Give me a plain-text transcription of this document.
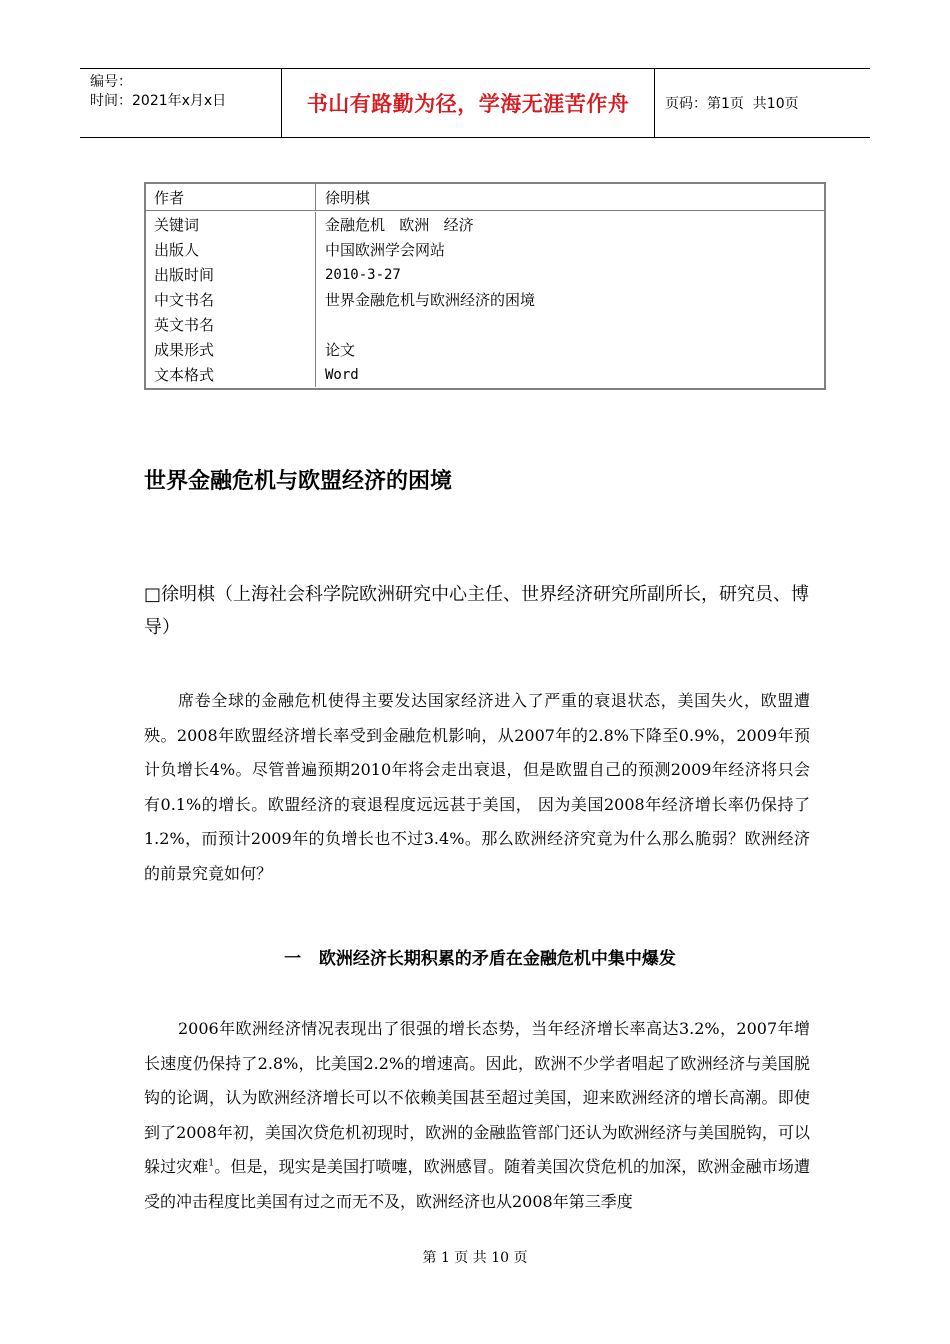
编号：
时间：2021年x月x日	书山有路勤为径，学海无涯苦作舟	页码：第1页  共10页
作者	徐明棋
关键词	金融危机   欧洲   经济
出版人	中国欧洲学会网站
出版时间	2010-3-27
中文书名	世界金融危机与欧洲经济的困境
英文书名
成果形式	论文
文本格式	Word
世界金融危机与欧盟经济的困境

□徐明棋（上海社会科学院欧洲研究中心主任、世界经济研究所副所长，研究员、博导）

席卷全球的金融危机使得主要发达国家经济进入了严重的衰退状态，美国失火，欧盟遭殃。2008年欧盟经济增长率受到金融危机影响，从2007年的2.8%下降至0.9%，2009年预计负增长4%。尽管普遍预期2010年将会走出衰退，但是欧盟自己的预测2009年经济将只会有0.1%的增长。欧盟经济的衰退程度远远甚于美国， 因为美国2008年经济增长率仍保持了1.2%，而预计2009年的负增长也不过3.4%。那么欧洲经济究竟为什么那么脆弱？欧洲经济的前景究竟如何？

一   欧洲经济长期积累的矛盾在金融危机中集中爆发

2006年欧洲经济情况表现出了很强的增长态势，当年经济增长率高达3.2%，2007年增长速度仍保持了2.8%，比美国2.2%的增速高。因此，欧洲不少学者唱起了欧洲经济与美国脱钩的论调，认为欧洲经济增长可以不依赖美国甚至超过美国，迎来欧洲经济的增长高潮。即使到了2008年初，美国次贷危机初现时，欧洲的金融监管部门还认为欧洲经济与美国脱钩，可以躲过灾难$^1$。但是，现实是美国打喷嚏，欧洲感冒。随着美国次贷危机的加深，欧洲金融市场遭受的冲击程度比美国有过之而无不及，欧洲经济也从2008年第三季度

第 1 页 共 10 页
